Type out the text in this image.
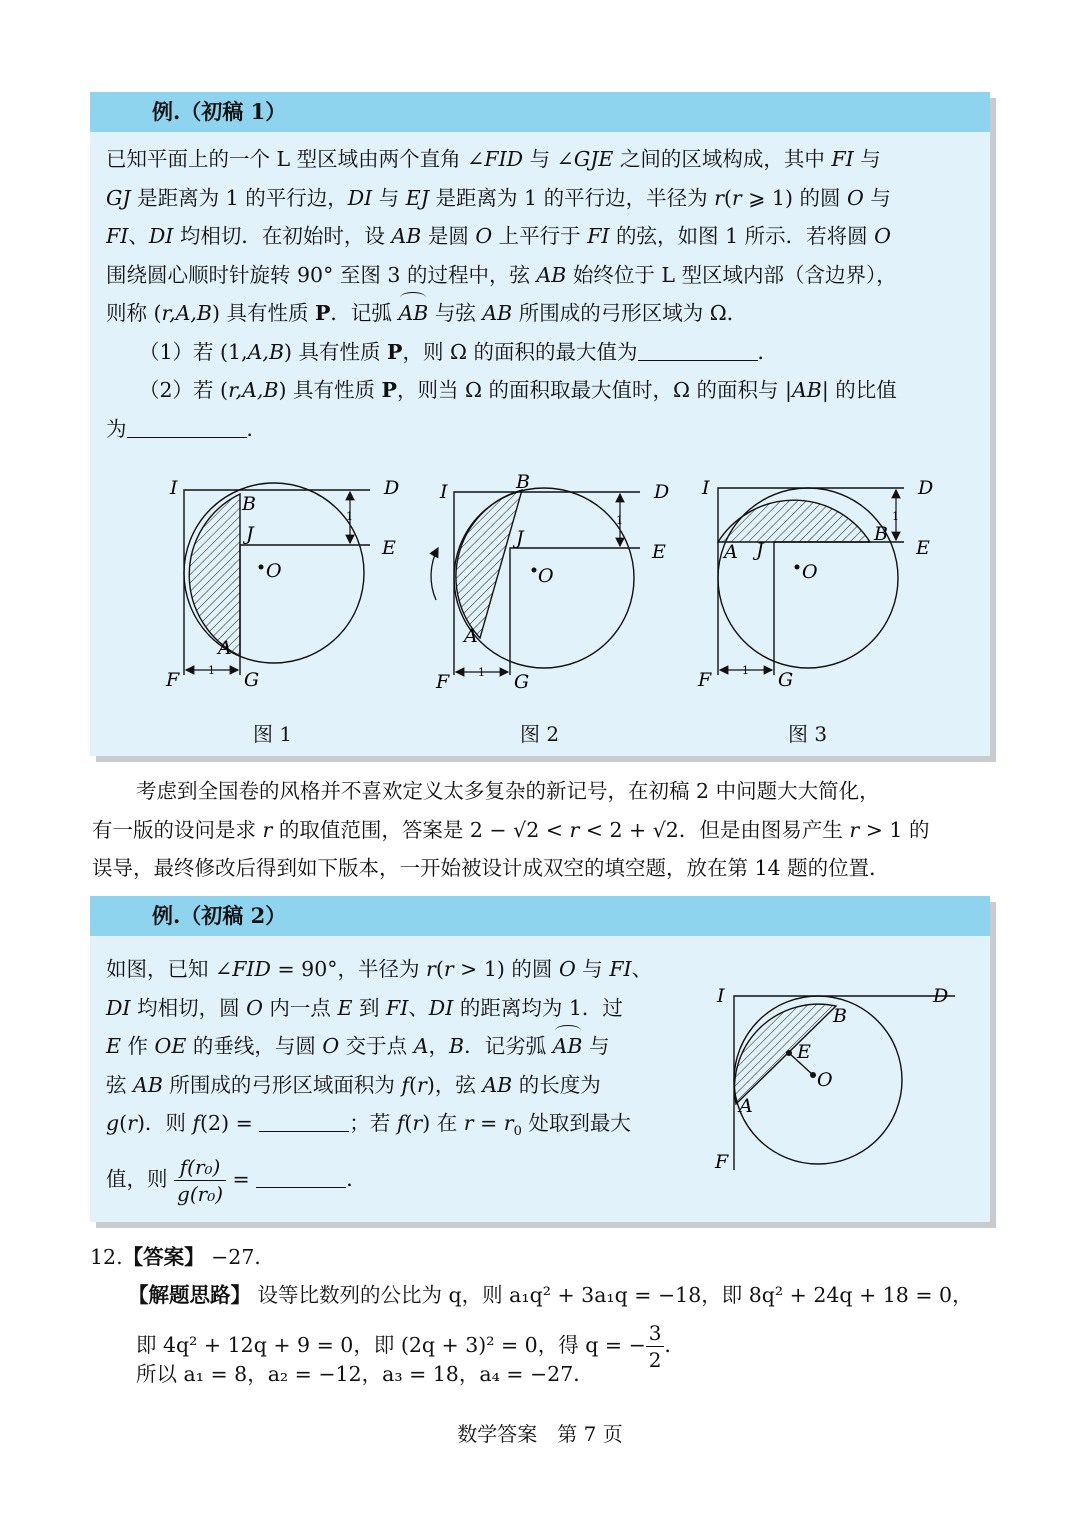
例.（初稿 1）
已知平面上的一个 L 型区域由两个直角 ∠FID 与 ∠GJE 之间的区域构成，其中 FI 与
GJ 是距离为 1 的平行边，DI 与 EJ 是距离为 1 的平行边，半径为 r(r ⩾ 1) 的圆 O 与
FI、DI 均相切．在初始时，设 AB 是圆 O 上平行于 FI 的弦，如图 1 所示．若将圆 O
围绕圆心顺时针旋转 90° 至图 3 的过程中，弦 AB 始终位于 L 型区域内部（含边界），
则称 (r,A,B) 具有性质 P．记弧
AB 与弦 AB 所围成的弓形区域为 Ω．
（1）若 (1,A,B) 具有性质 P，则 Ω 的面积的最大值为	．
（2）若 (r,A,B) 具有性质 P，则当 Ω 的面积取最大值时，Ω 的面积与 |AB| 的比值
为	．
I	D
B
J
E
O
A
F	G
1
1
I	D
B
J
E
O
A
F	G
1
1
I	D
B
A J	E
O
F	G
1
1
图 1	图 2	图 3
考虑到全国卷的风格并不喜欢定义太多复杂的新记号，在初稿 2 中问题大大简化，
有一版的设问是求 r 的取值范围，答案是 2 − √2 < r < 2 + √2．但是由图易产生 r > 1 的
误导，最终修改后得到如下版本，一开始被设计成双空的填空题，放在第 14 题的位置．
例.（初稿 2）
如图，已知 ∠FID = 90°，半径为 r(r > 1) 的圆 O 与 FI、
DI 均相切，圆 O 内一点 E 到 FI、DI 的距离均为 1．过
E 作 OE 的垂线，与圆 O 交于点 A，B．记劣弧
AB 与
弦 AB 所围成的弓形区域面积为 f(r)，弦 AB 的长度为
g(r)．则 f(2) =	；若 f(r) 在 $r = r_0$ 处取到最大
值，则 $\frac{\text{f(r₀)}}{\text{g(r₀)}}$ =	．
I	D
B
E
O
A
F
12.【答案】 −27．
【解题思路】 设等比数列的公比为 q，则 a₁q² + 3a₁q = −18，即 8q² + 24q + 18 = 0，
即 4q² + 12q + 9 = 0，即 (2q + 3)² = 0，得 q = − $\frac{3}{2}$ ．
所以 a₁ = 8，a₂ = −12，a₃ = 18，a₄ = −27．
数学答案　第 7 页
